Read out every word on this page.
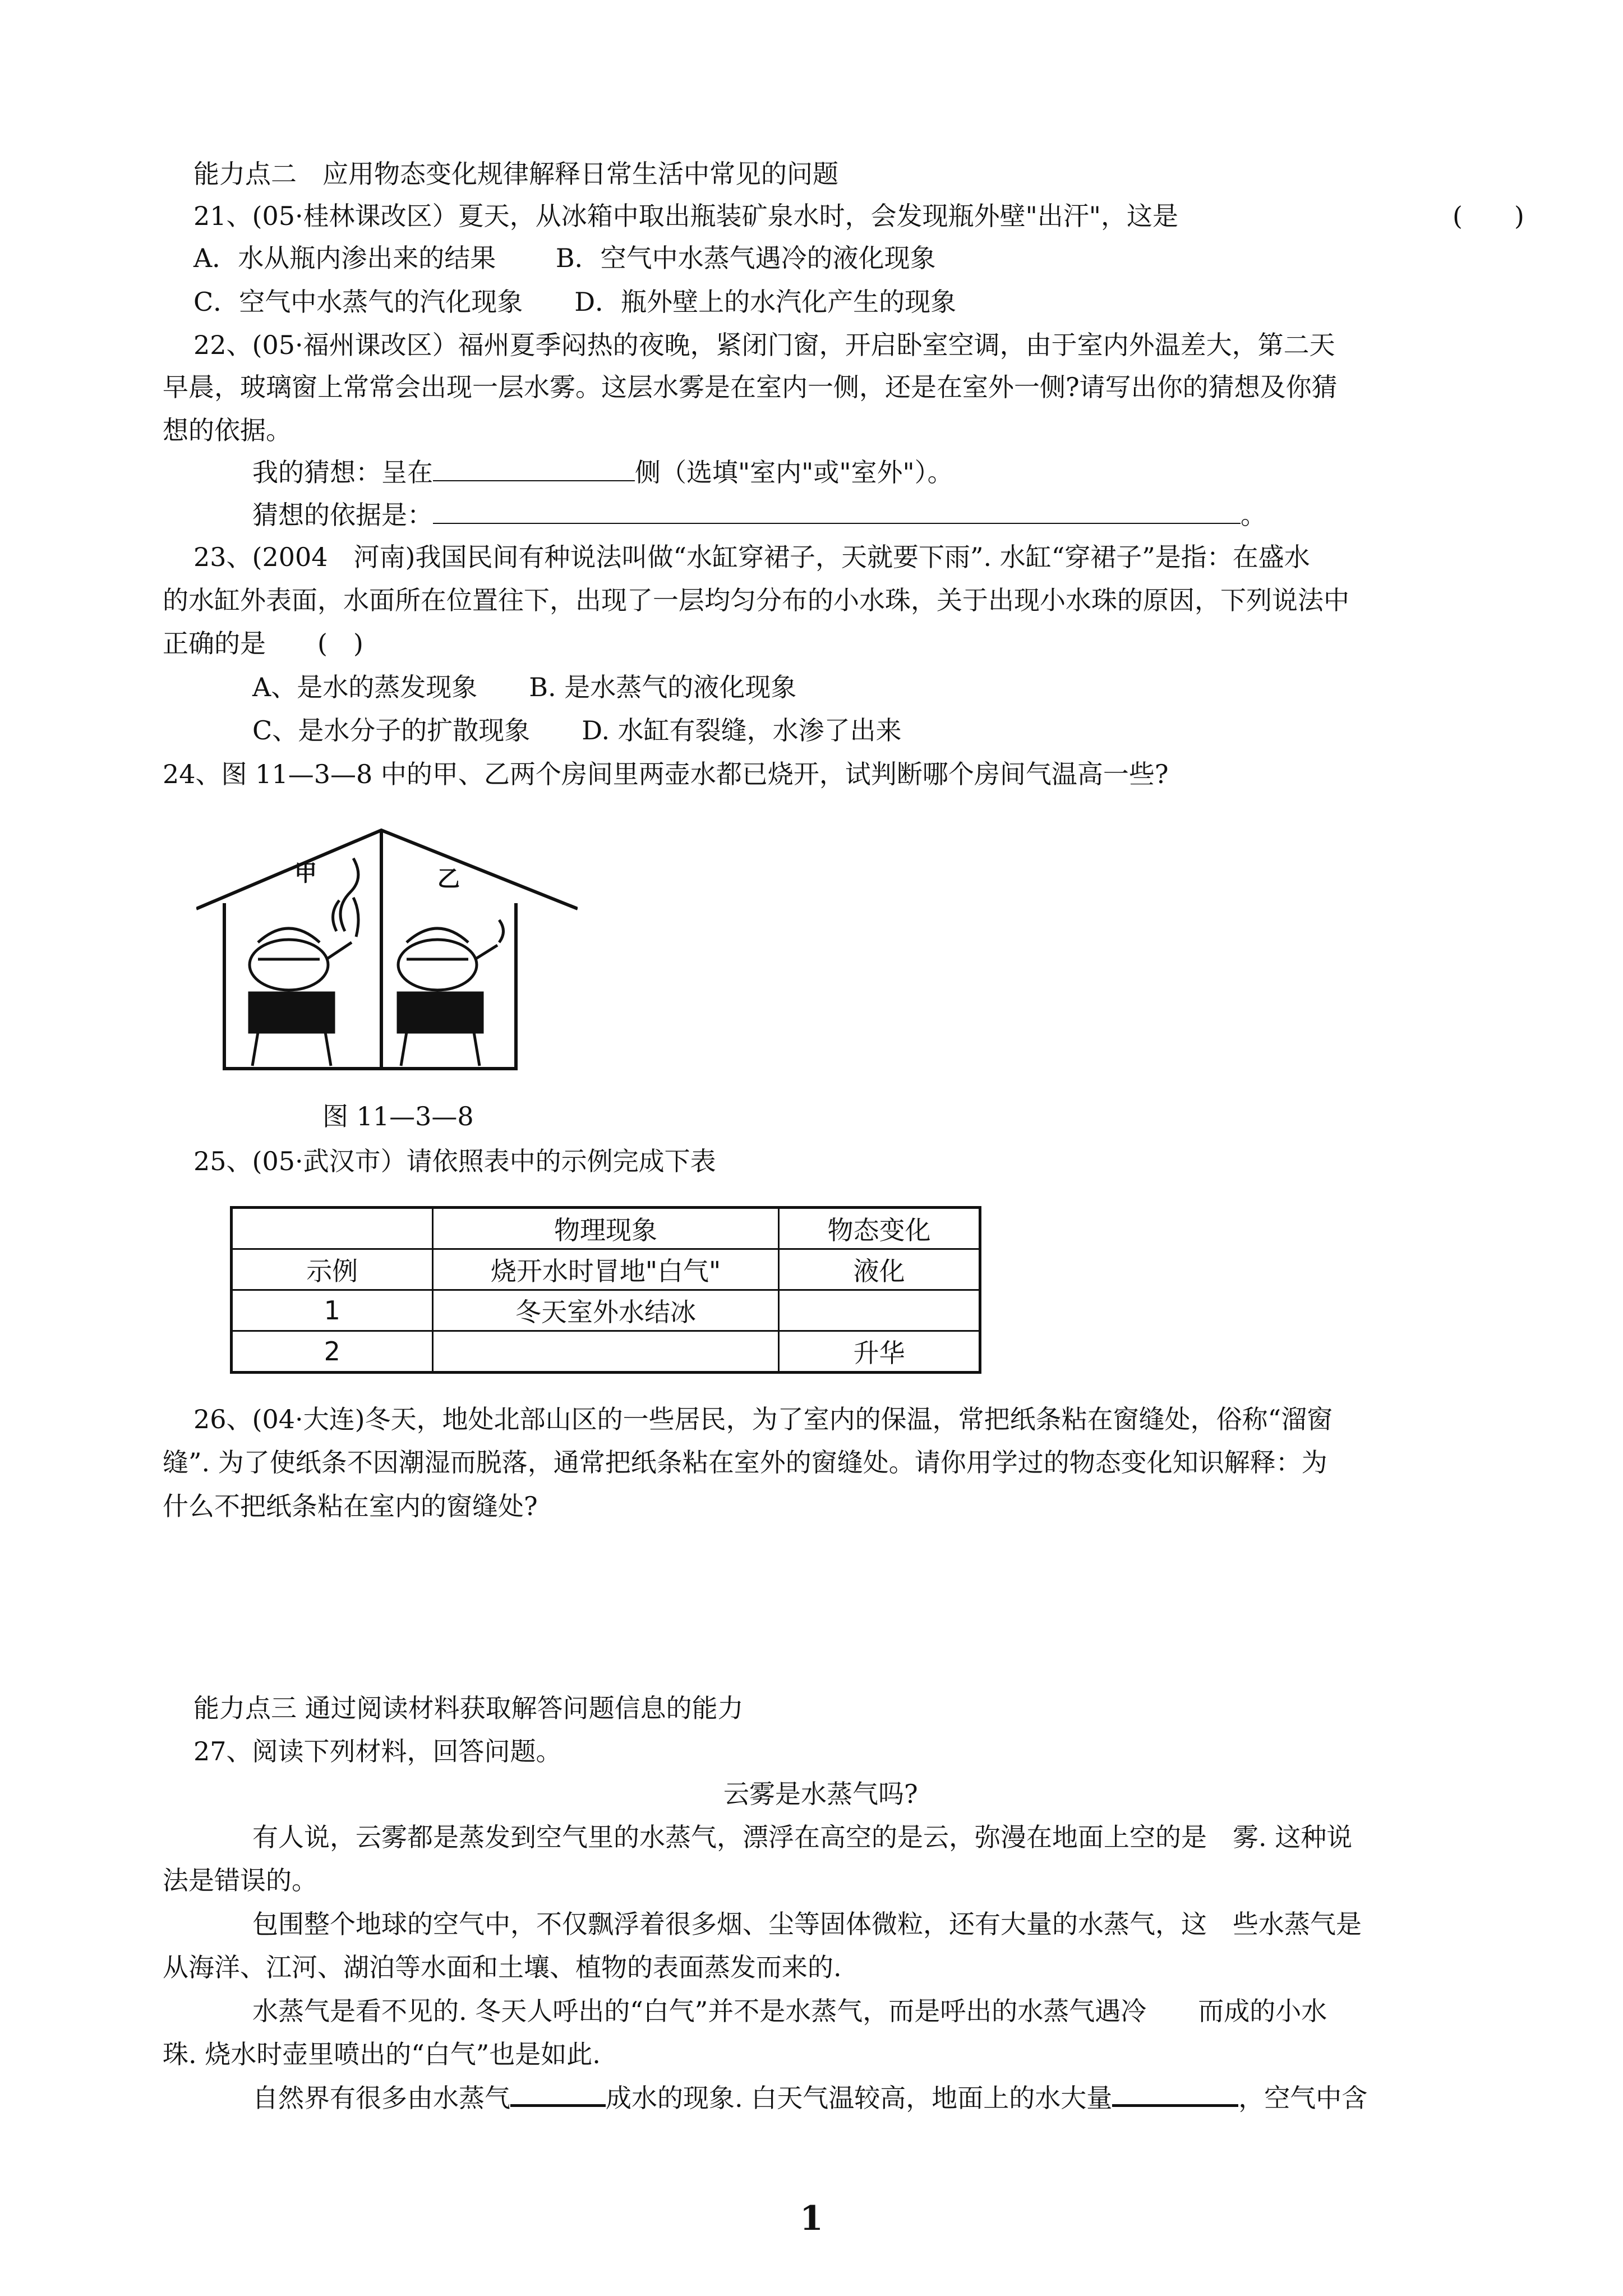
能力点二　应用物态变化规律解释日常生活中常见的问题
21、(05·桂林课改区）夏天，从冰箱中取出瓶装矿泉水时，会发现瓶外壁"出汗"，这是	(　　)
A．水从瓶内渗出来的结果　　 B．空气中水蒸气遇冷的液化现象
C．空气中水蒸气的汽化现象　　D．瓶外壁上的水汽化产生的现象
22、(05·福州课改区）福州夏季闷热的夜晚，紧闭门窗，开启卧室空调，由于室内外温差大，第二天
早晨，玻璃窗上常常会出现一层水雾。这层水雾是在室内一侧，还是在室外一侧?请写出你的猜想及你猜
想的依据。
我的猜想：呈在	侧（选填"室内"或"室外"）。
猜想的依据是：	。
23、(2004　河南)我国民间有种说法叫做“水缸穿裙子，天就要下雨”. 水缸“穿裙子”是指：在盛水
的水缸外表面，水面所在位置往下，出现了一层均匀分布的小水珠，关于出现小水珠的原因，下列说法中
正确的是　　(　)
A、是水的蒸发现象　　B. 是水蒸气的液化现象
C、是水分子的扩散现象　　D. 水缸有裂缝，水渗了出来
24、图 11—3—8 中的甲、乙两个房间里两壶水都已烧开，试判断哪个房间气温高一些?
甲	乙
图 11—3—8
25、(05·武汉市）请依照表中的示例完成下表
	物理现象	物态变化
示例	烧开水时冒地"白气"	液化
1	冬天室外水结冰	
2		升华
26、(04·大连)冬天，地处北部山区的一些居民，为了室内的保温，常把纸条粘在窗缝处，俗称“溜窗
缝”. 为了使纸条不因潮湿而脱落，通常把纸条粘在室外的窗缝处。请你用学过的物态变化知识解释：为
什么不把纸条粘在室内的窗缝处?
能力点三 通过阅读材料获取解答问题信息的能力
27、阅读下列材料，回答问题。
云雾是水蒸气吗?
有人说，云雾都是蒸发到空气里的水蒸气，漂浮在高空的是云，弥漫在地面上空的是　雾. 这种说
法是错误的。
包围整个地球的空气中，不仅飘浮着很多烟、尘等固体微粒，还有大量的水蒸气，这　些水蒸气是
从海洋、江河、湖泊等水面和土壤、植物的表面蒸发而来的.
水蒸气是看不见的. 冬天人呼出的“白气”并不是水蒸气，而是呼出的水蒸气遇冷　　而成的小水
珠. 烧水时壶里喷出的“白气”也是如此.
自然界有很多由水蒸气	成水的现象. 白天气温较高，地面上的水大量	，空气中含
1
